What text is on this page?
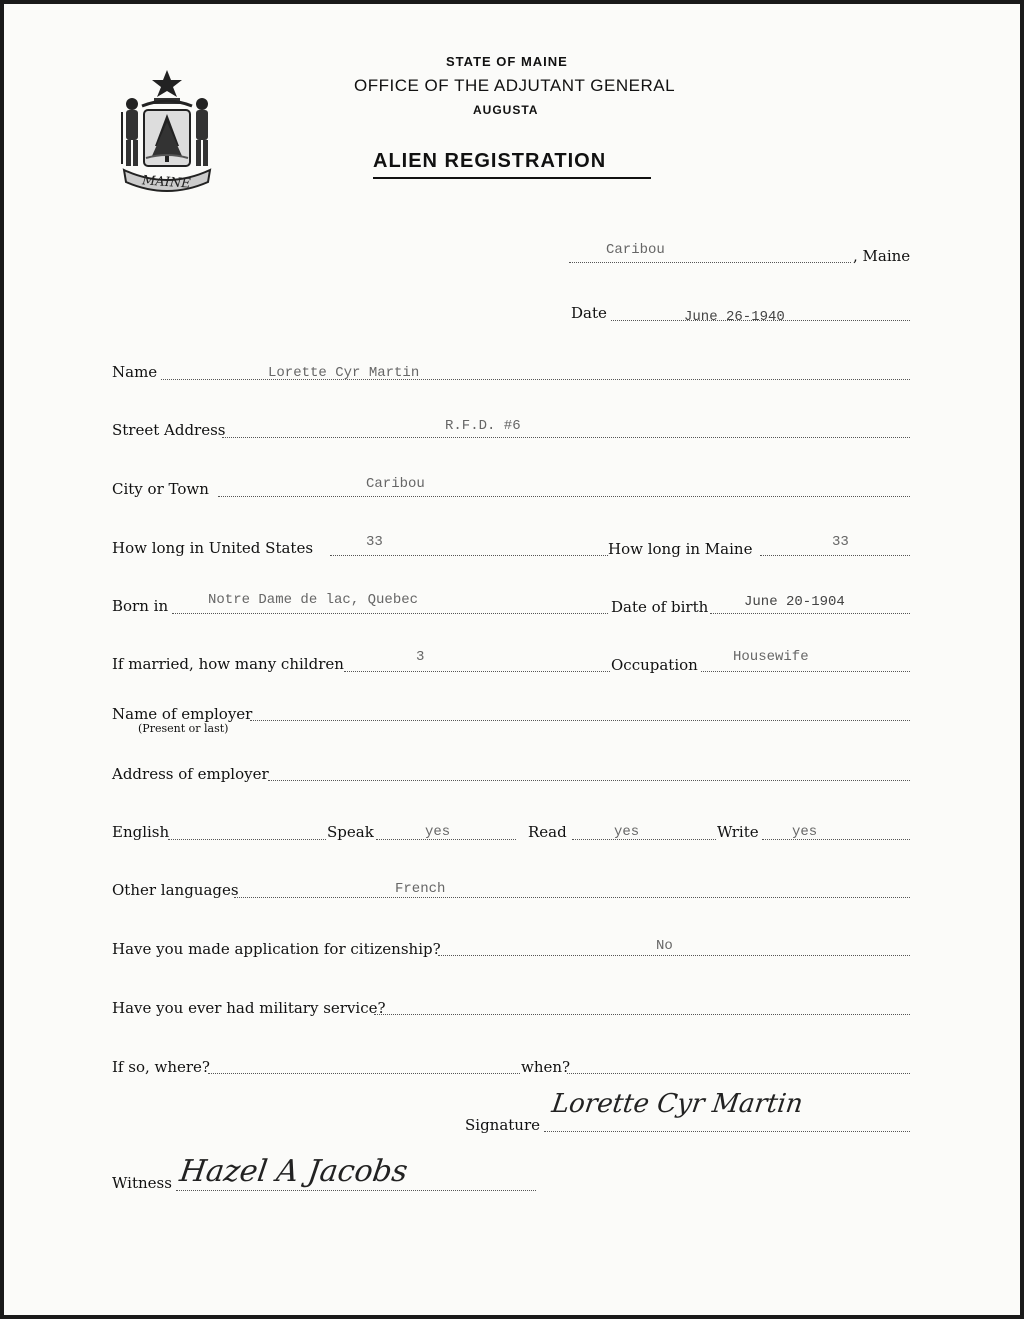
MAINE
STATE OF MAINE
OFFICE OF THE ADJUTANT GENERAL
AUGUSTA
ALIEN REGISTRATION
Caribou	, Maine
Date	June 26-1940
Name	Lorette Cyr Martin
Street Address	R.F.D. #6
City or Town	Caribou
How long in United States	33	How long in Maine	33
Born in	Notre Dame de lac, Quebec	Date of birth	June 20-1904
If married, how many children	3	Occupation	Housewife
Name of employer
(Present or last)
Address of employer
English	Speak	yes	Read	yes	Write yes
Other languages	French
Have you made application for citizenship?	No
Have you ever had military service?
If so, where?	when?
Signature
Lorette Cyr Martin
Witness Hazel A Jacobs
